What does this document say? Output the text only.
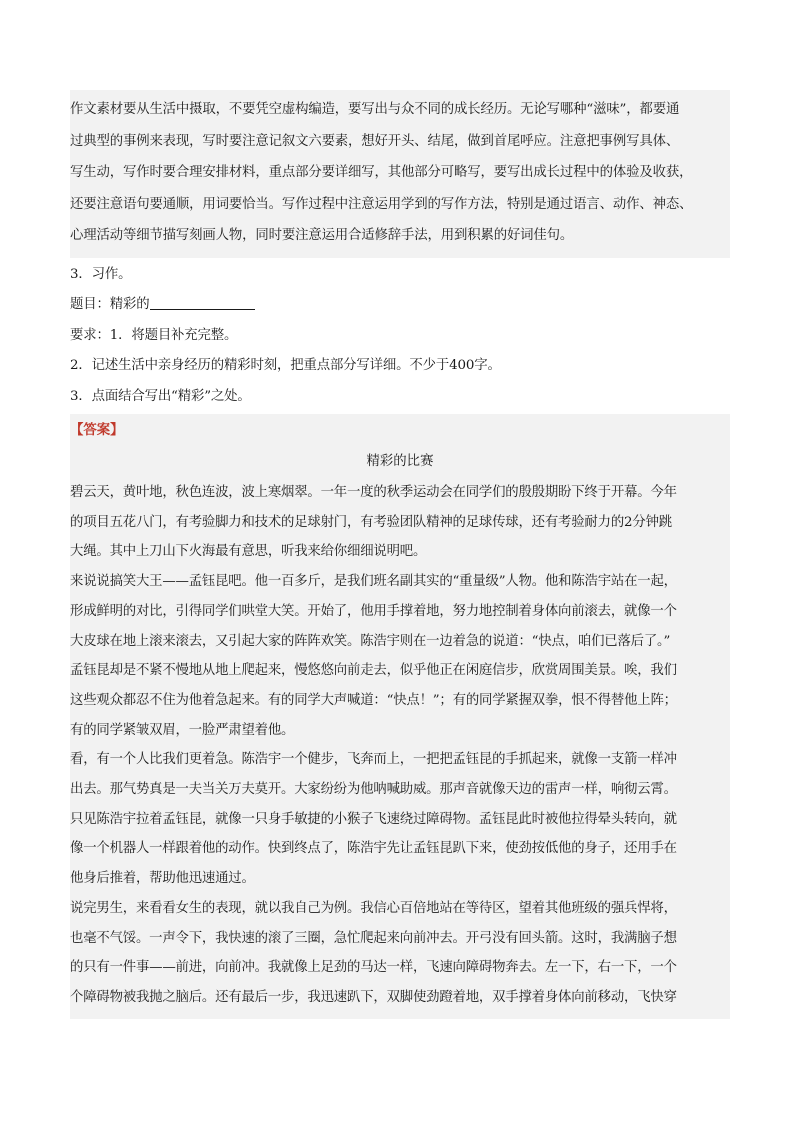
作文素材要从生活中摄取，不要凭空虚构编造，要写出与众不同的成长经历。无论写哪种“滋味”，都要通

过典型的事例来表现，写时要注意记叙文六要素，想好开头、结尾，做到首尾呼应。注意把事例写具体、

写生动，写作时要合理安排材料，重点部分要详细写，其他部分可略写，要写出成长过程中的体验及收获，

还要注意语句要通顺，用词要恰当。写作过程中注意运用学到的写作方法，特别是通过语言、动作、神态、

心理活动等细节描写刻画人物，同时要注意运用合适修辞手法，用到积累的好词佳句。

3．习作。

题目：精彩的

要求：1．将题目补充完整。

2．记述生活中亲身经历的精彩时刻，把重点部分写详细。不少于400字。

3．点面结合写出“精彩”之处。

【答案】

精彩的比赛

碧云天，黄叶地，秋色连波，波上寒烟翠。一年一度的秋季运动会在同学们的殷殷期盼下终于开幕。今年

的项目五花八门，有考验脚力和技术的足球射门，有考验团队精神的足球传球，还有考验耐力的2分钟跳

大绳。其中上刀山下火海最有意思，听我来给你细细说明吧。

来说说搞笑大王——孟钰昆吧。他一百多斤，是我们班名副其实的“重量级”人物。他和陈浩宇站在一起，

形成鲜明的对比，引得同学们哄堂大笑。开始了，他用手撑着地，努力地控制着身体向前滚去，就像一个

大皮球在地上滚来滚去，又引起大家的阵阵欢笑。陈浩宇则在一边着急的说道：“快点，咱们已落后了。”

孟钰昆却是不紧不慢地从地上爬起来，慢悠悠向前走去，似乎他正在闲庭信步，欣赏周围美景。唉，我们

这些观众都忍不住为他着急起来。有的同学大声喊道：“快点！”；有的同学紧握双拳，恨不得替他上阵；

有的同学紧皱双眉，一脸严肃望着他。

看，有一个人比我们更着急。陈浩宇一个健步，飞奔而上，一把把孟钰昆的手抓起来，就像一支箭一样冲

出去。那气势真是一夫当关万夫莫开。大家纷纷为他呐喊助威。那声音就像天边的雷声一样，响彻云霄。

只见陈浩宇拉着孟钰昆，就像一只身手敏捷的小猴子飞速绕过障碍物。孟钰昆此时被他拉得晕头转向，就

像一个机器人一样跟着他的动作。快到终点了，陈浩宇先让孟钰昆趴下来，使劲按低他的身子，还用手在

他身后推着，帮助他迅速通过。

说完男生，来看看女生的表现，就以我自己为例。我信心百倍地站在等待区，望着其他班级的强兵悍将，

也毫不气馁。一声令下，我快速的滚了三圈，急忙爬起来向前冲去。开弓没有回头箭。这时，我满脑子想

的只有一件事——前进，向前冲。我就像上足劲的马达一样，飞速向障碍物奔去。左一下，右一下，一个

个障碍物被我抛之脑后。还有最后一步，我迅速趴下，双脚使劲蹬着地，双手撑着身体向前移动，飞快穿
